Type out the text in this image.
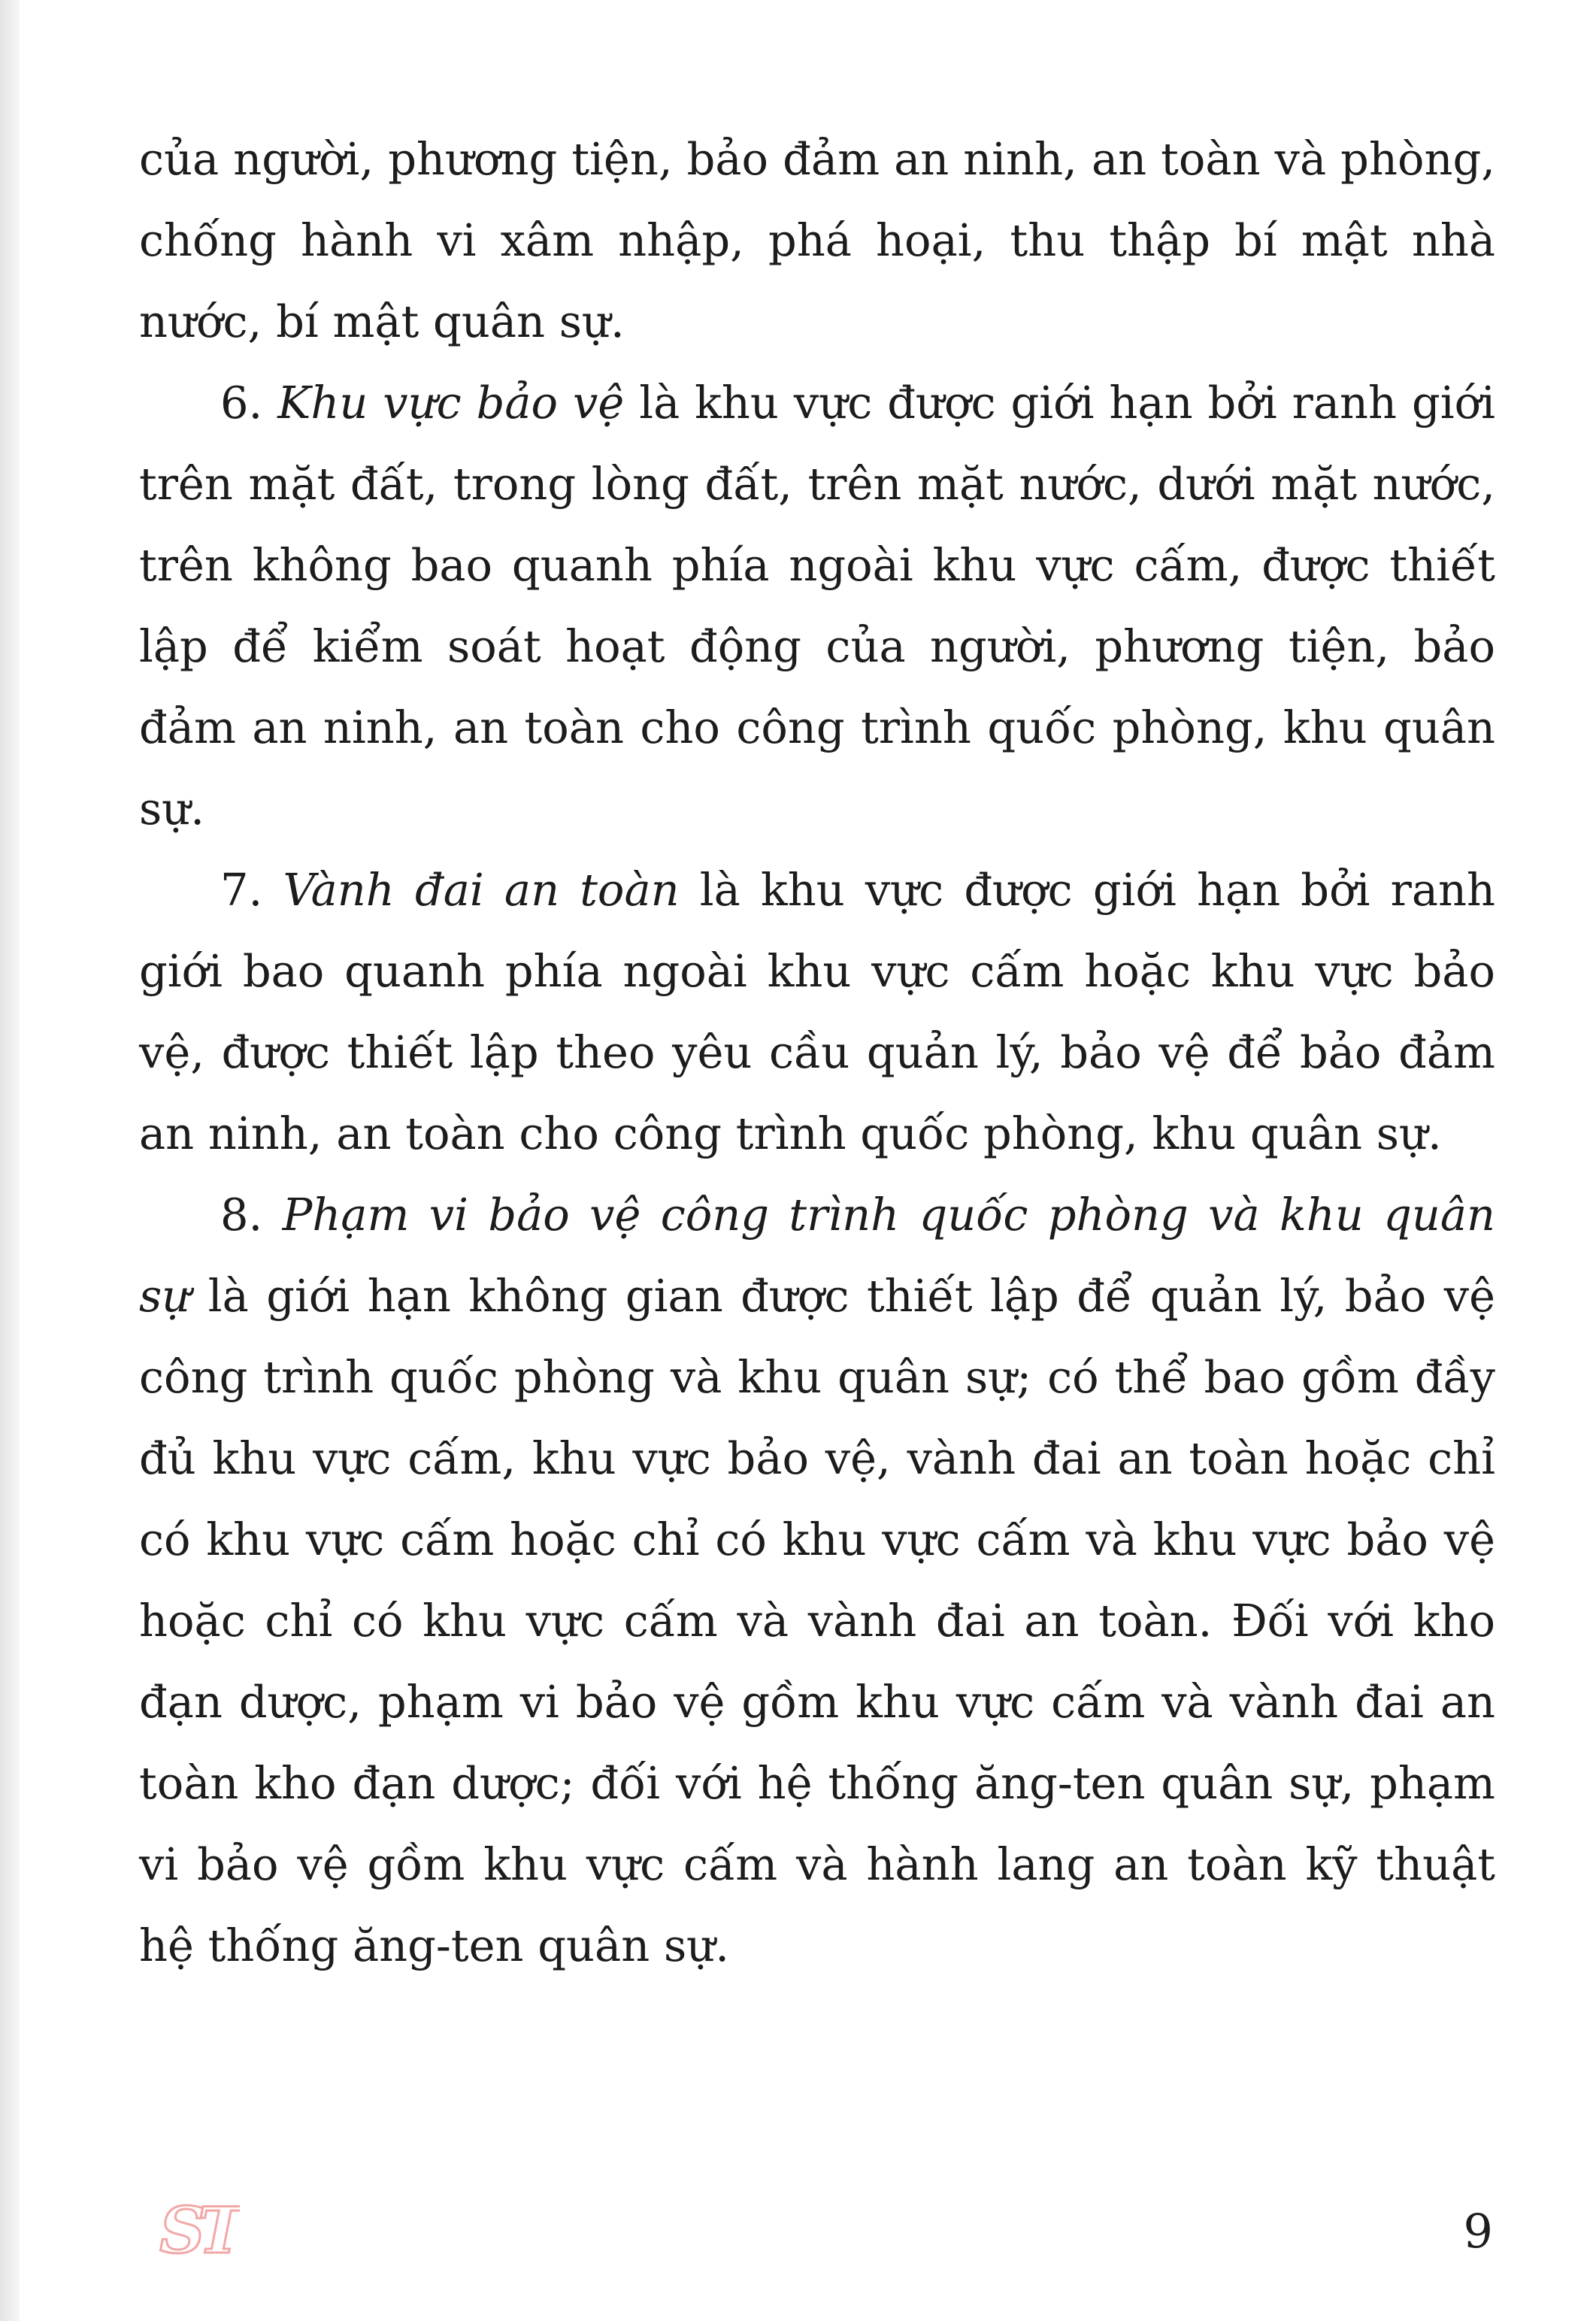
của người, phương tiện, bảo đảm an ninh, an toàn và phòng, chống hành vi xâm nhập, phá hoại, thu thập bí mật nhà nước, bí mật quân sự.

6. Khu vực bảo vệ là khu vực được giới hạn bởi ranh giới trên mặt đất, trong lòng đất, trên mặt nước, dưới mặt nước, trên không bao quanh phía ngoài khu vực cấm, được thiết lập để kiểm soát hoạt động của người, phương tiện, bảo đảm an ninh, an toàn cho công trình quốc phòng, khu quân sự.

7. Vành đai an toàn là khu vực được giới hạn bởi ranh giới bao quanh phía ngoài khu vực cấm hoặc khu vực bảo vệ, được thiết lập theo yêu cầu quản lý, bảo vệ để bảo đảm an ninh, an toàn cho công trình quốc phòng, khu quân sự.

8. Phạm vi bảo vệ công trình quốc phòng và khu quân sự là giới hạn không gian được thiết lập để quản lý, bảo vệ công trình quốc phòng và khu quân sự; có thể bao gồm đầy đủ khu vực cấm, khu vực bảo vệ, vành đai an toàn hoặc chỉ có khu vực cấm hoặc chỉ có khu vực cấm và khu vực bảo vệ hoặc chỉ có khu vực cấm và vành đai an toàn. Đối với kho đạn dược, phạm vi bảo vệ gồm khu vực cấm và vành đai an toàn kho đạn dược; đối với hệ thống ăng-ten quân sự, phạm vi bảo vệ gồm khu vực cấm và hành lang an toàn kỹ thuật hệ thống ăng-ten quân sự.

ST	9
